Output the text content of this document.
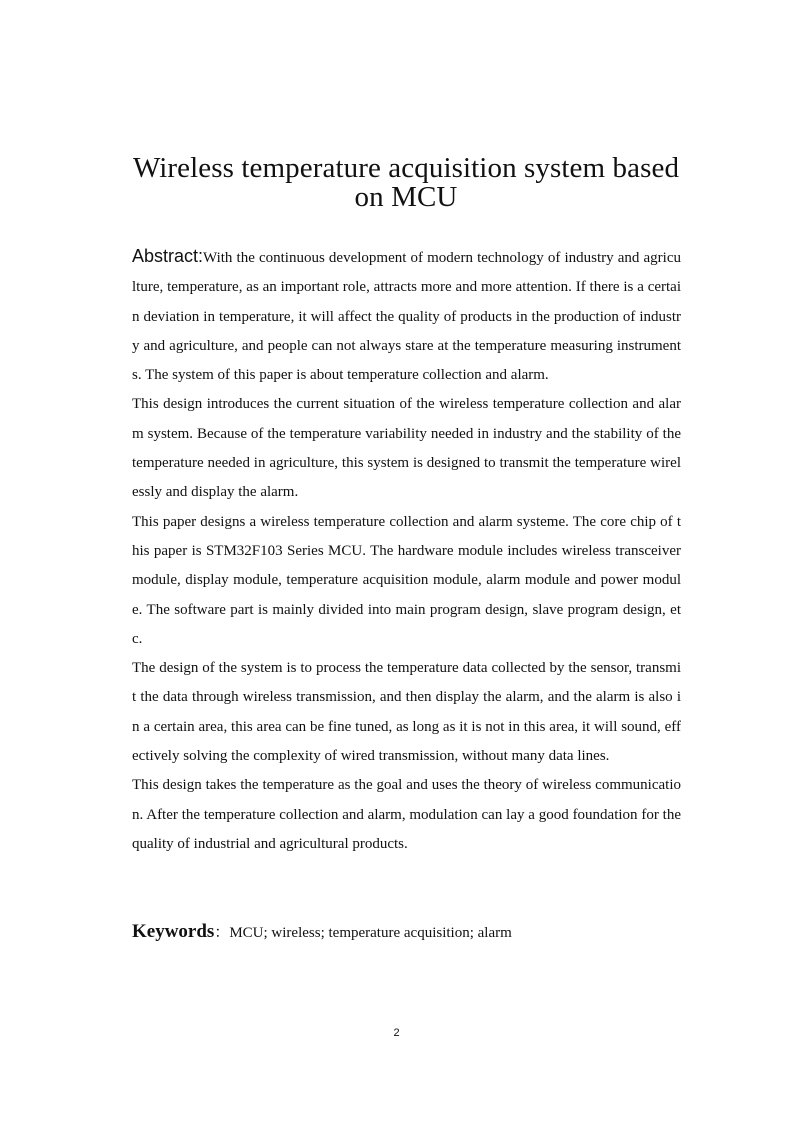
Wireless temperature acquisition system based on MCU

Abstract:With the continuous development of modern technology of industry and agriculture, temperature, as an important role, attracts more and more attention. If there is a certain deviation in temperature, it will affect the quality of products in the production of industry and agriculture, and people can not always stare at the temperature measuring instruments. The system of this paper is about temperature collection and alarm.

This design introduces the current situation of the wireless temperature collection and alarm system. Because of the temperature variability needed in industry and the stability of the temperature needed in agriculture, this system is designed to transmit the temperature wirelessly and display the alarm.

This paper designs a wireless temperature collection and alarm systeme. The core chip of this paper is STM32F103 Series MCU. The hardware module includes wireless transceiver module, display module, temperature acquisition module, alarm module and power module. The software part is mainly divided into main program design, slave program design, etc.

The design of the system is to process the temperature data collected by the sensor, transmit the data through wireless transmission, and then display the alarm, and the alarm is also in a certain area, this area can be fine tuned, as long as it is not in this area, it will sound, effectively solving the complexity of wired transmission, without many data lines.

This design takes the temperature as the goal and uses the theory of wireless communication. After the temperature collection and alarm, modulation can lay a good foundation for the quality of industrial and agricultural products.

Keywords：MCU; wireless; temperature acquisition; alarm
2
